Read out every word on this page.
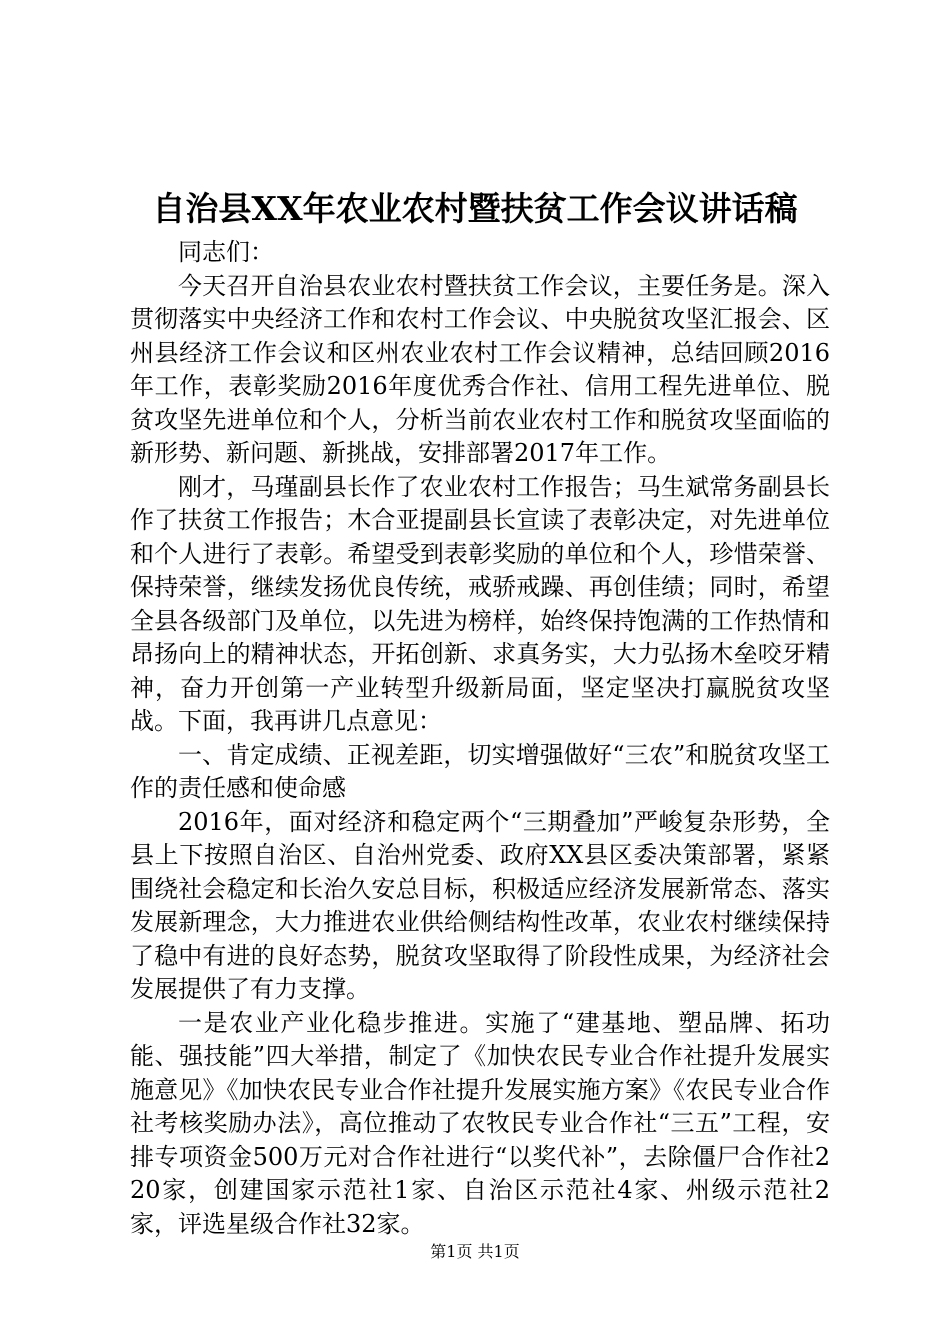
自治县XX年农业农村暨扶贫工作会议讲话稿

同志们：

今天召开自治县农业农村暨扶贫工作会议，主要任务是。深入贯彻落实中央经济工作和农村工作会议、中央脱贫攻坚汇报会、区州县经济工作会议和区州农业农村工作会议精神，总结回顾2016年工作，表彰奖励2016年度优秀合作社、信用工程先进单位、脱贫攻坚先进单位和个人，分析当前农业农村工作和脱贫攻坚面临的新形势、新问题、新挑战，安排部署2017年工作。

刚才，马瑾副县长作了农业农村工作报告；马生斌常务副县长作了扶贫工作报告；木合亚提副县长宣读了表彰决定，对先进单位和个人进行了表彰。希望受到表彰奖励的单位和个人，珍惜荣誉、保持荣誉，继续发扬优良传统，戒骄戒躁、再创佳绩；同时，希望全县各级部门及单位，以先进为榜样，始终保持饱满的工作热情和昂扬向上的精神状态，开拓创新、求真务实，大力弘扬木垒咬牙精神，奋力开创第一产业转型升级新局面，坚定坚决打赢脱贫攻坚战。下面，我再讲几点意见：

一、肯定成绩、正视差距，切实增强做好“三农”和脱贫攻坚工作的责任感和使命感

2016年，面对经济和稳定两个“三期叠加”严峻复杂形势，全县上下按照自治区、自治州党委、政府XX县区委决策部署，紧紧围绕社会稳定和长治久安总目标，积极适应经济发展新常态、落实发展新理念，大力推进农业供给侧结构性改革，农业农村继续保持了稳中有进的良好态势，脱贫攻坚取得了阶段性成果，为经济社会发展提供了有力支撑。

一是农业产业化稳步推进。实施了“建基地、塑品牌、拓功能、强技能”四大举措，制定了《加快农民专业合作社提升发展实施意见》《加快农民专业合作社提升发展实施方案》《农民专业合作社考核奖励办法》，高位推动了农牧民专业合作社“三五”工程，安排专项资金500万元对合作社进行“以奖代补”，去除僵尸合作社220家，创建国家示范社1家、自治区示范社4家、州级示范社2家，评选星级合作社32家。

第1页 共1页
